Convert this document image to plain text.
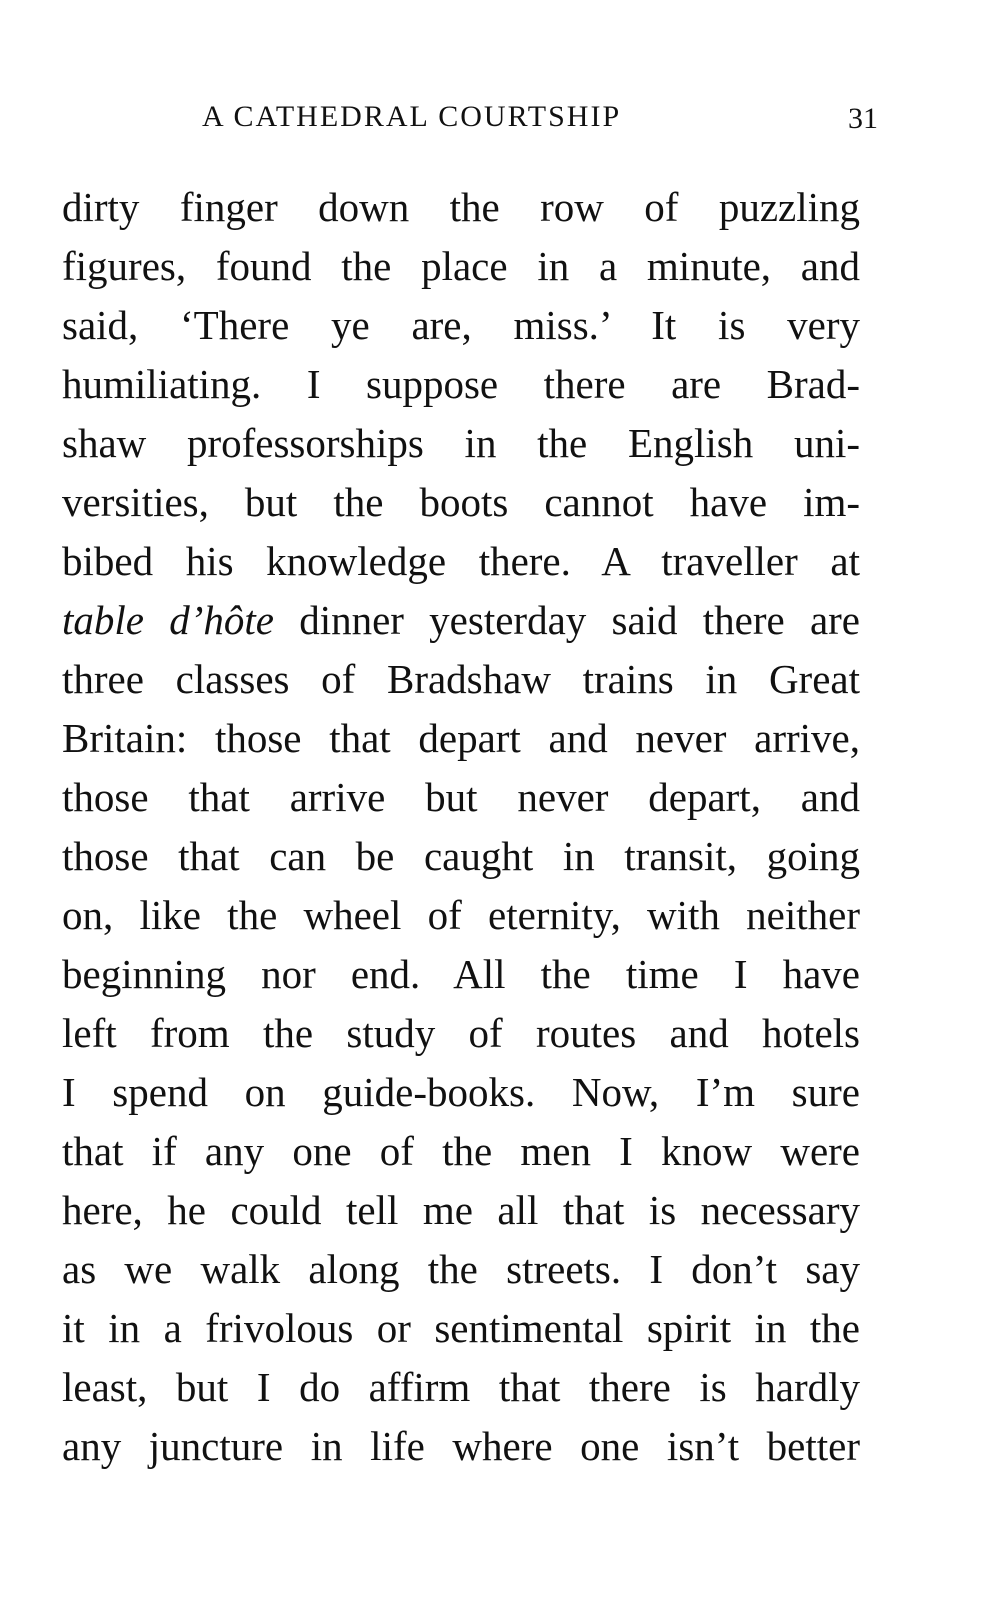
A CATHEDRAL COURTSHIP	31
dirty finger down the row of puzzling
figures, found the place in a minute, and
said, ‘There ye are, miss.’ It is very
humiliating. I suppose there are Brad-
shaw professorships in the English uni-
versities, but the boots cannot have im-
bibed his knowledge there. A traveller at
table d’hôte dinner yesterday said there are
three classes of Bradshaw trains in Great
Britain: those that depart and never arrive,
those that arrive but never depart, and
those that can be caught in transit, going
on, like the wheel of eternity, with neither
beginning nor end. All the time I have
left from the study of routes and hotels
I spend on guide-books. Now, I’m sure
that if any one of the men I know were
here, he could tell me all that is necessary
as we walk along the streets. I don’t say
it in a frivolous or sentimental spirit in the
least, but I do affirm that there is hardly
any juncture in life where one isn’t better
